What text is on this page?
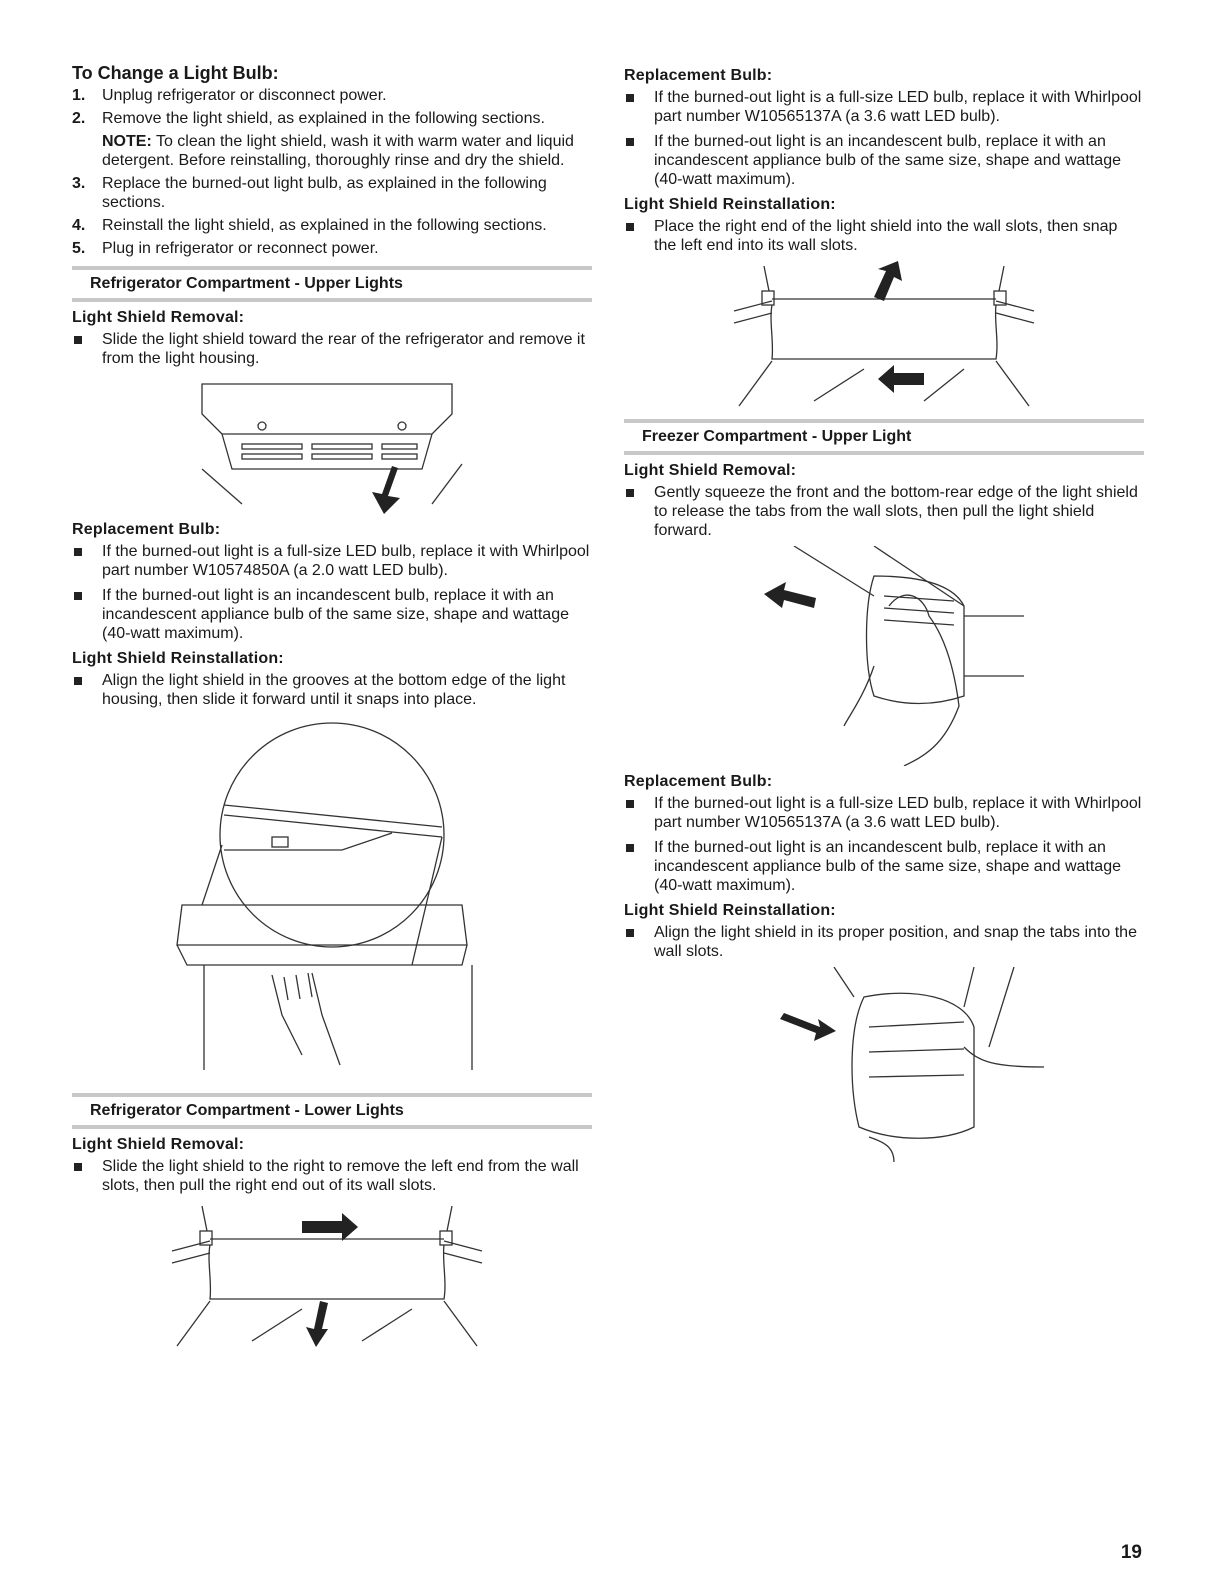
To Change a Light Bulb:
1. Unplug refrigerator or disconnect power.
2. Remove the light shield, as explained in the following sections.
NOTE: To clean the light shield, wash it with warm water and liquid detergent. Before reinstalling, thoroughly rinse and dry the shield.
3. Replace the burned-out light bulb, as explained in the following sections.
4. Reinstall the light shield, as explained in the following sections.
5. Plug in refrigerator or reconnect power.
Refrigerator Compartment - Upper Lights
Light Shield Removal:
Slide the light shield toward the rear of the refrigerator and remove it from the light housing.
Replacement Bulb:
If the burned-out light is a full-size LED bulb, replace it with Whirlpool part number W10574850A (a 2.0 watt LED bulb).
If the burned-out light is an incandescent bulb, replace it with an incandescent appliance bulb of the same size, shape and wattage (40-watt maximum).
Light Shield Reinstallation:
Align the light shield in the grooves at the bottom edge of the light housing, then slide it forward until it snaps into place.
Refrigerator Compartment - Lower Lights
Light Shield Removal:
Slide the light shield to the right to remove the left end from the wall slots, then pull the right end out of its wall slots.
Replacement Bulb:
If the burned-out light is a full-size LED bulb, replace it with Whirlpool part number W10565137A (a 3.6 watt LED bulb).
If the burned-out light is an incandescent bulb, replace it with an incandescent appliance bulb of the same size, shape and wattage (40-watt maximum).
Light Shield Reinstallation:
Place the right end of the light shield into the wall slots, then snap the left end into its wall slots.
Freezer Compartment - Upper Light
Light Shield Removal:
Gently squeeze the front and the bottom-rear edge of the light shield to release the tabs from the wall slots, then pull the light shield forward.
Replacement Bulb:
If the burned-out light is a full-size LED bulb, replace it with Whirlpool part number W10565137A (a 3.6 watt LED bulb).
If the burned-out light is an incandescent bulb, replace it with an incandescent appliance bulb of the same size, shape and wattage (40-watt maximum).
Light Shield Reinstallation:
Align the light shield in its proper position, and snap the tabs into the wall slots.
19
